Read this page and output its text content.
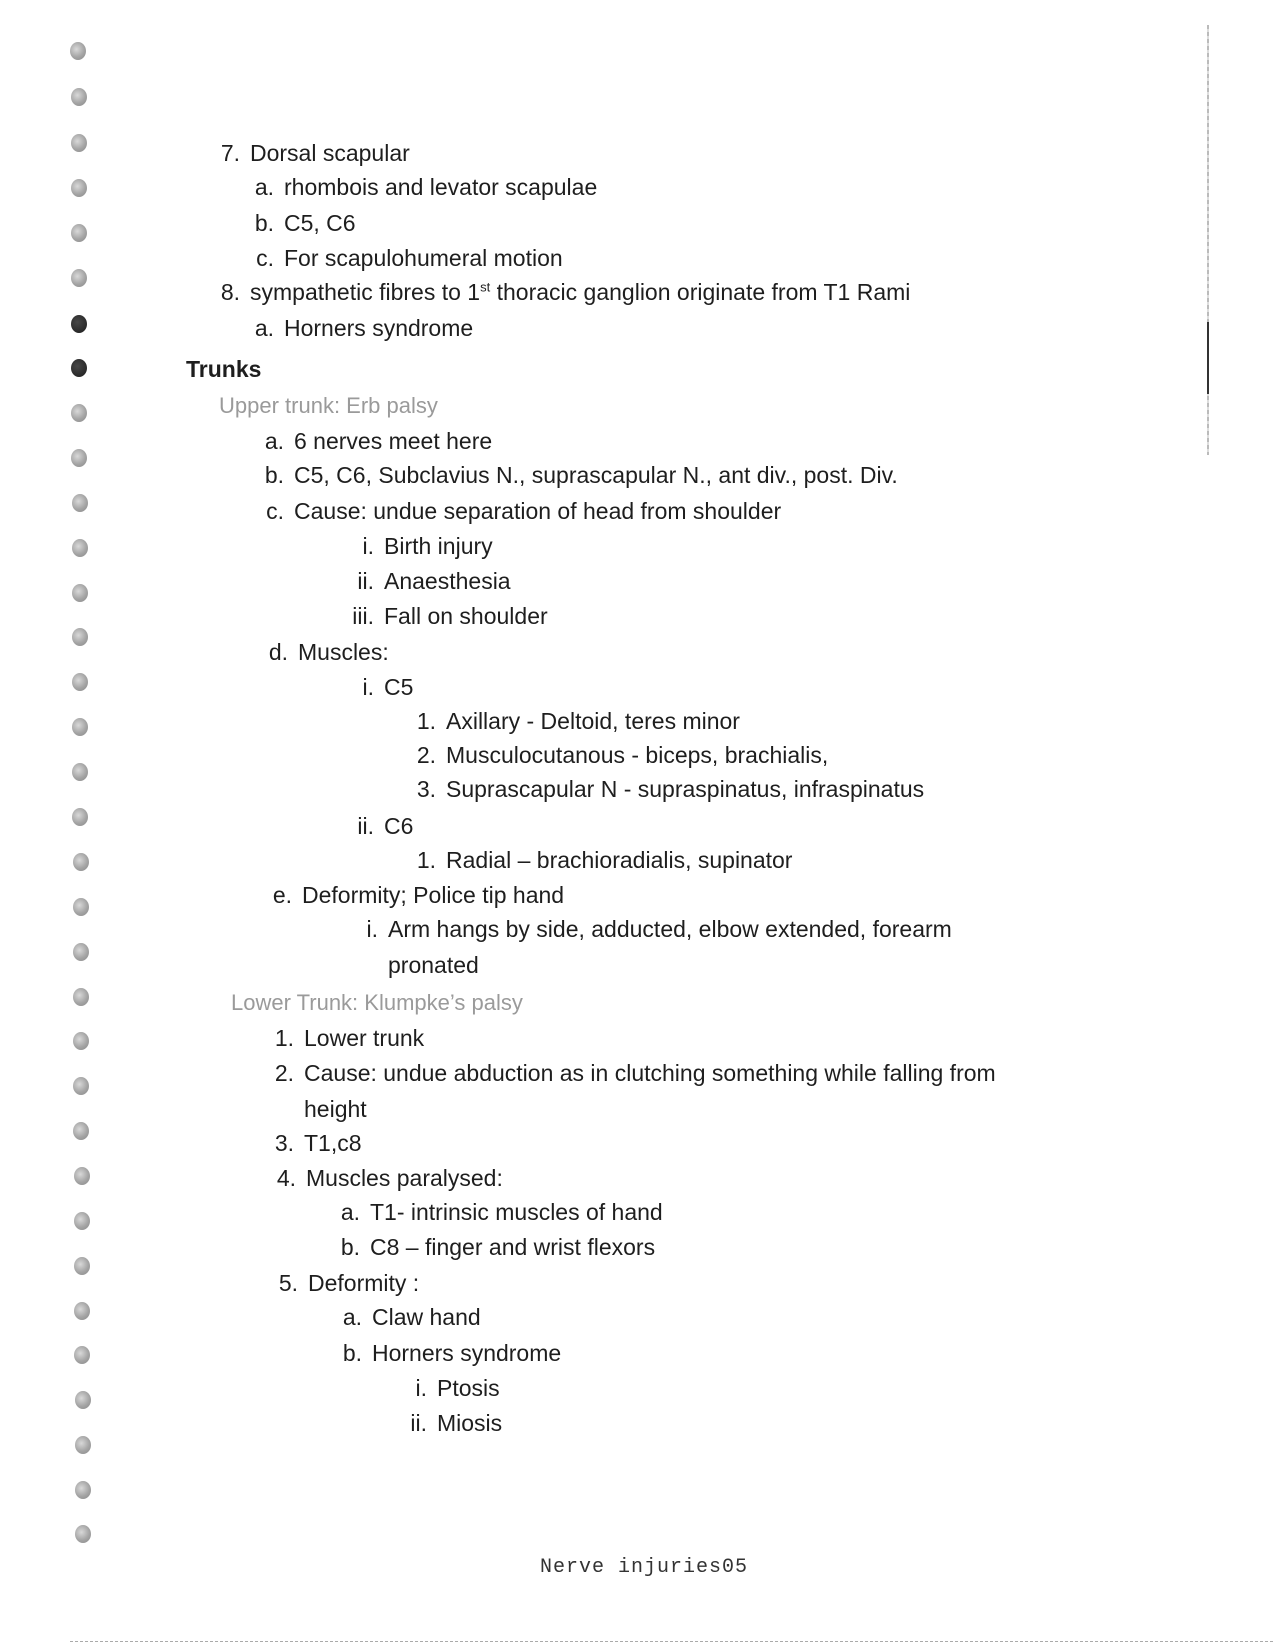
7. Dorsal scapular
a. rhombois and levator scapulae
b. C5, C6
c. For scapulohumeral motion
8. sympathetic fibres to 1st thoracic ganglion originate from T1 Rami
a. Horners syndrome
Trunks
Upper trunk: Erb palsy
a. 6 nerves meet here
b. C5, C6, Subclavius N., suprascapular N., ant div., post. Div.
c. Cause: undue separation of head from shoulder
i. Birth injury
ii. Anaesthesia
iii. Fall on shoulder
d. Muscles:
i. C5
1. Axillary - Deltoid, teres minor
2. Musculocutanous - biceps, brachialis,
3. Suprascapular N - supraspinatus, infraspinatus
ii. C6
1. Radial – brachioradialis, supinator
e. Deformity; Police tip hand
i. Arm hangs by side, adducted, elbow extended, forearm
pronated
Lower Trunk: Klumpke’s palsy
1. Lower trunk
2. Cause: undue abduction as in clutching something while falling from
height
3. T1,c8
4. Muscles paralysed:
a. T1- intrinsic muscles of hand
b. C8 – finger and wrist flexors
5. Deformity :
a. Claw hand
b. Horners syndrome
i. Ptosis
ii. Miosis
Nerve injuries05
